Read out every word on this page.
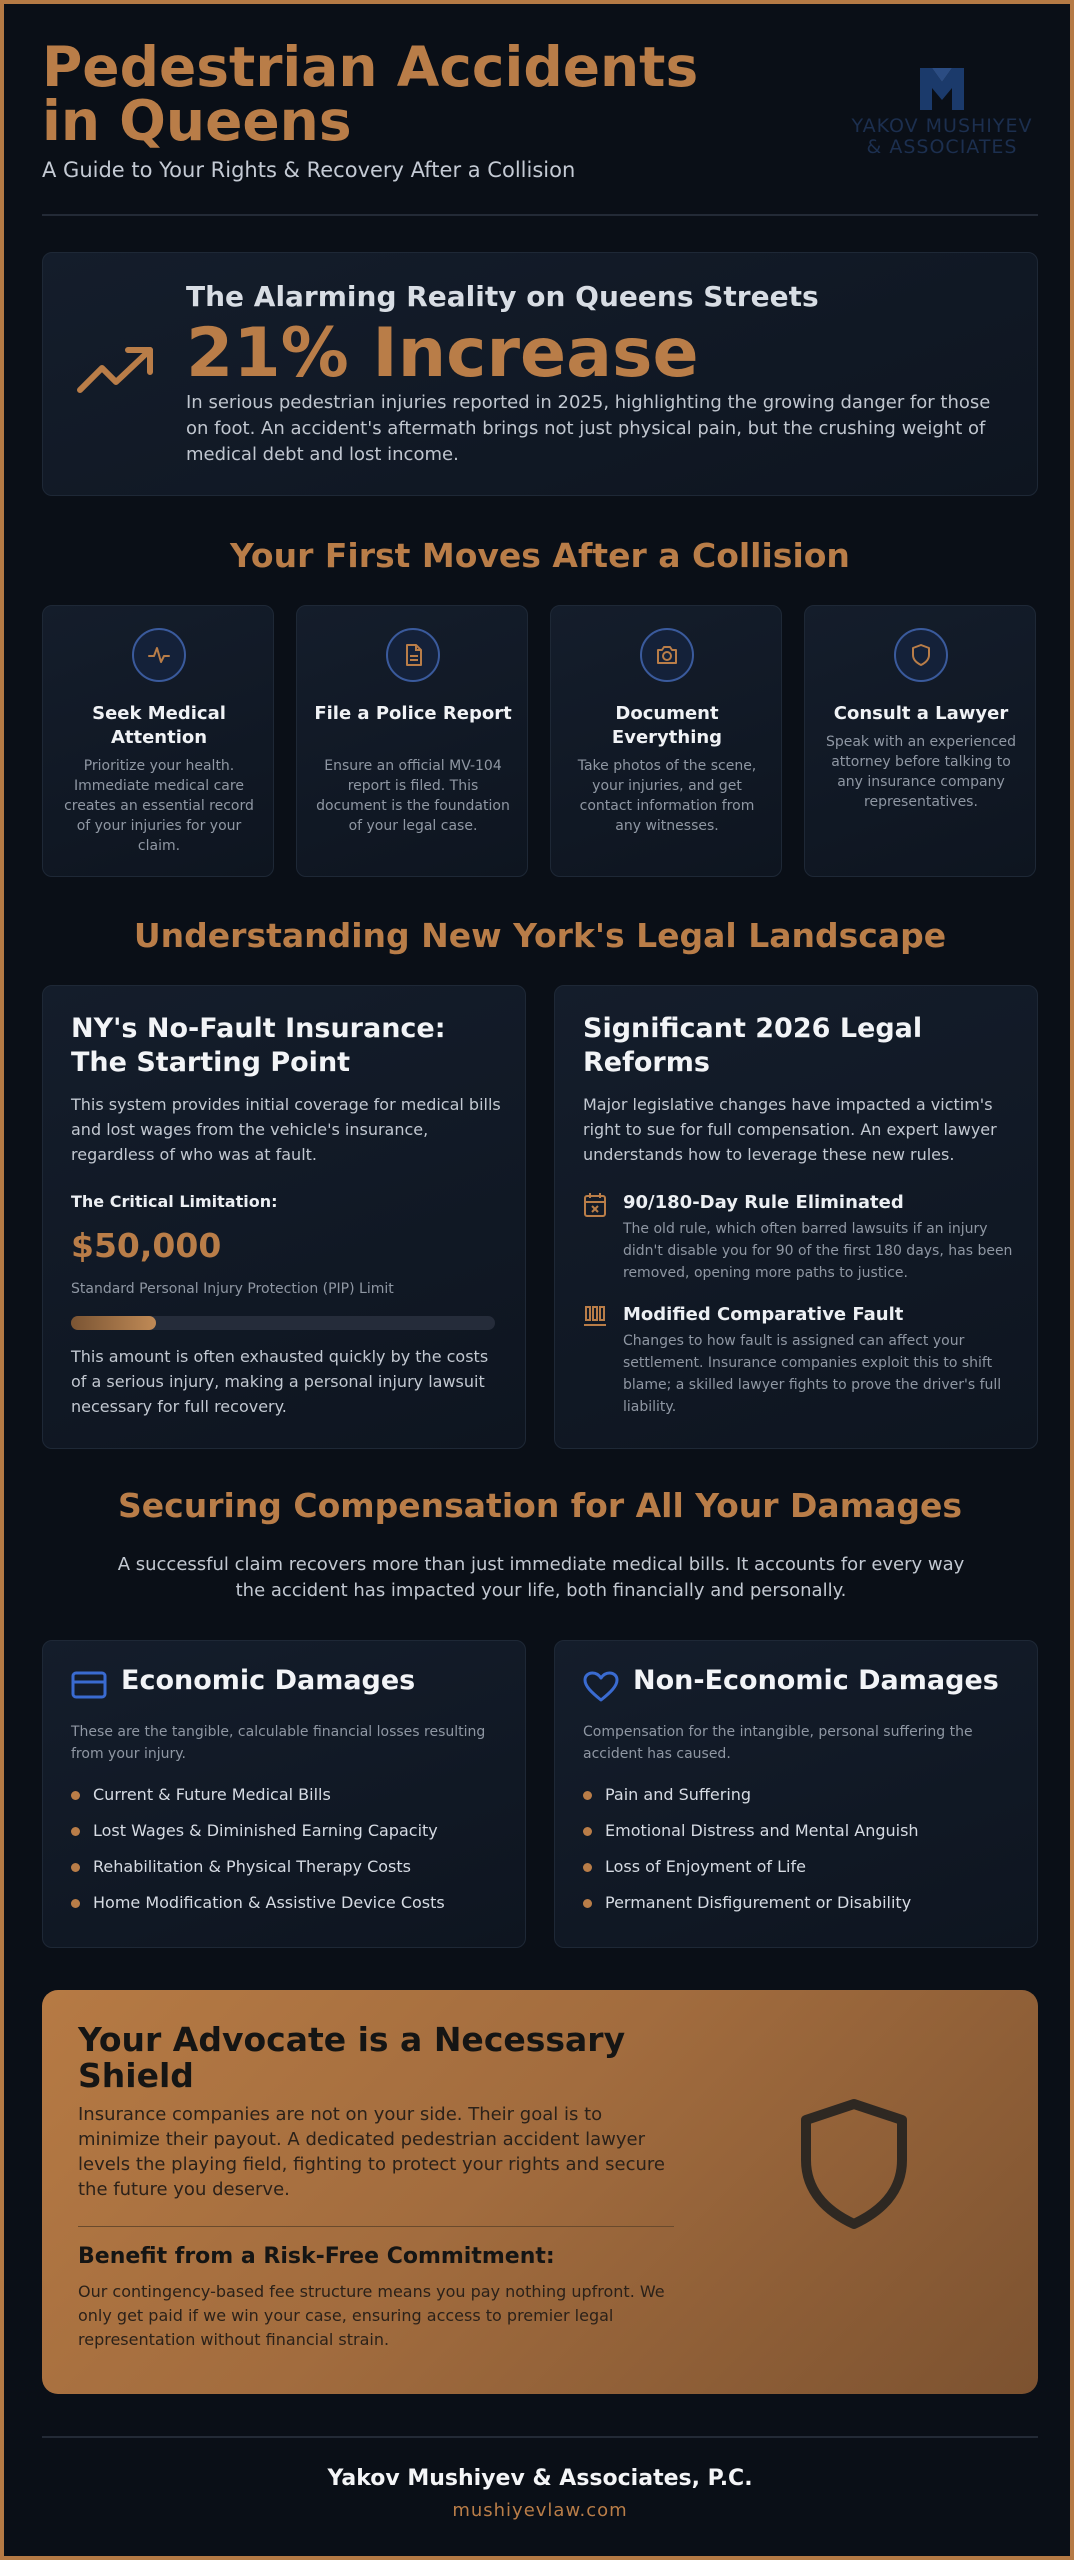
Pedestrian Accidents
in Queens
A Guide to Your Rights & Recovery After a Collision
YAKOV MUSHIYEV
& ASSOCIATES
The Alarming Reality on Queens Streets
21% Increase
In serious pedestrian injuries reported in 2025, highlighting the growing danger for those on foot. An accident's aftermath brings not just physical pain, but the crushing weight of medical debt and lost income.
Your First Moves After a Collision
Seek Medical Attention
Prioritize your health. Immediate medical care creates an essential record of your injuries for your claim.
File a Police Report
Ensure an official MV-104 report is filed. This document is the foundation of your legal case.
Document Everything
Take photos of the scene, your injuries, and get contact information from any witnesses.
Consult a Lawyer
Speak with an experienced attorney before talking to any insurance company representatives.
Understanding New York's Legal Landscape
NY's No-Fault Insurance: The Starting Point
This system provides initial coverage for medical bills and lost wages from the vehicle's insurance, regardless of who was at fault.
The Critical Limitation:
$50,000
Standard Personal Injury Protection (PIP) Limit
This amount is often exhausted quickly by the costs of a serious injury, making a personal injury lawsuit necessary for full recovery.
Significant 2026 Legal Reforms
Major legislative changes have impacted a victim's right to sue for full compensation. An expert lawyer understands how to leverage these new rules.
90/180-Day Rule Eliminated
The old rule, which often barred lawsuits if an injury didn't disable you for 90 of the first 180 days, has been removed, opening more paths to justice.
Modified Comparative Fault
Changes to how fault is assigned can affect your settlement. Insurance companies exploit this to shift blame; a skilled lawyer fights to prove the driver's full liability.
Securing Compensation for All Your Damages
A successful claim recovers more than just immediate medical bills. It accounts for every way the accident has impacted your life, both financially and personally.
Economic Damages
These are the tangible, calculable financial losses resulting from your injury.
Current & Future Medical Bills
Lost Wages & Diminished Earning Capacity
Rehabilitation & Physical Therapy Costs
Home Modification & Assistive Device Costs
Non-Economic Damages
Compensation for the intangible, personal suffering the accident has caused.
Pain and Suffering
Emotional Distress and Mental Anguish
Loss of Enjoyment of Life
Permanent Disfigurement or Disability
Your Advocate is a Necessary Shield
Insurance companies are not on your side. Their goal is to minimize their payout. A dedicated pedestrian accident lawyer levels the playing field, fighting to protect your rights and secure the future you deserve.
Benefit from a Risk-Free Commitment:
Our contingency-based fee structure means you pay nothing upfront. We only get paid if we win your case, ensuring access to premier legal representation without financial strain.
Yakov Mushiyev & Associates, P.C.
mushiyevlaw.com
